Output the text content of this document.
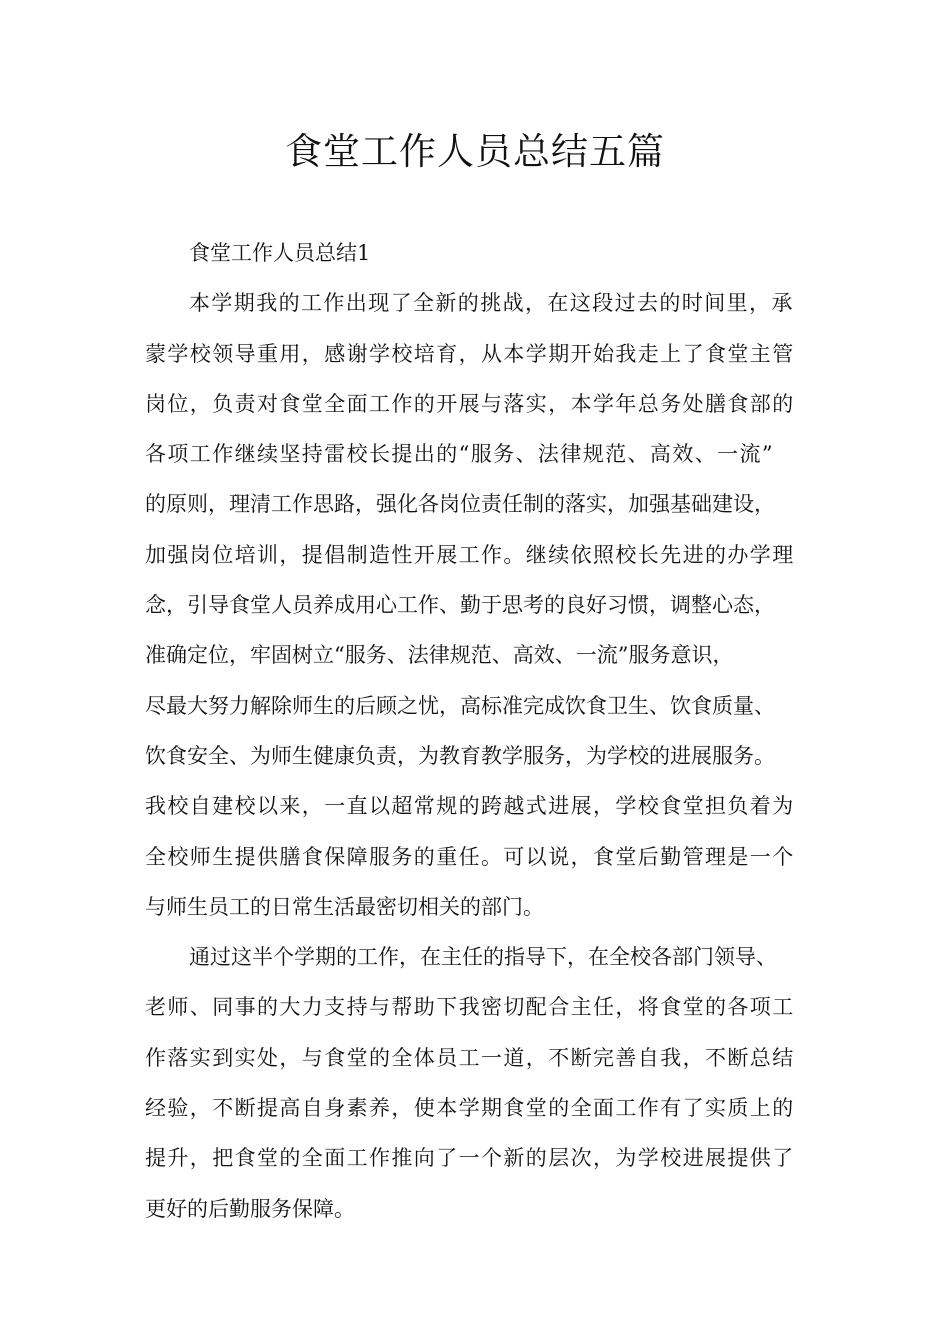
食堂工作人员总结五篇
食堂工作人员总结1
本学期我的工作出现了全新的挑战，在这段过去的时间里，承
蒙学校领导重用，感谢学校培育，从本学期开始我走上了食堂主管
岗位，负责对食堂全面工作的开展与落实，本学年总务处膳食部的
各项工作继续坚持雷校长提出的“服务、法律规范、高效、一流”
的原则，理清工作思路，强化各岗位责任制的落实，加强基础建设，
加强岗位培训，提倡制造性开展工作。继续依照校长先进的办学理
念，引导食堂人员养成用心工作、勤于思考的良好习惯，调整心态，
准确定位，牢固树立“服务、法律规范、高效、一流”服务意识，
尽最大努力解除师生的后顾之忧，高标准完成饮食卫生、饮食质量、
饮食安全、为师生健康负责，为教育教学服务，为学校的进展服务。
我校自建校以来，一直以超常规的跨越式进展，学校食堂担负着为
全校师生提供膳食保障服务的重任。可以说，食堂后勤管理是一个
与师生员工的日常生活最密切相关的部门。
通过这半个学期的工作，在主任的指导下，在全校各部门领导、
老师、同事的大力支持与帮助下我密切配合主任，将食堂的各项工
作落实到实处，与食堂的全体员工一道，不断完善自我，不断总结
经验，不断提高自身素养，使本学期食堂的全面工作有了实质上的
提升，把食堂的全面工作推向了一个新的层次，为学校进展提供了
更好的后勤服务保障。
